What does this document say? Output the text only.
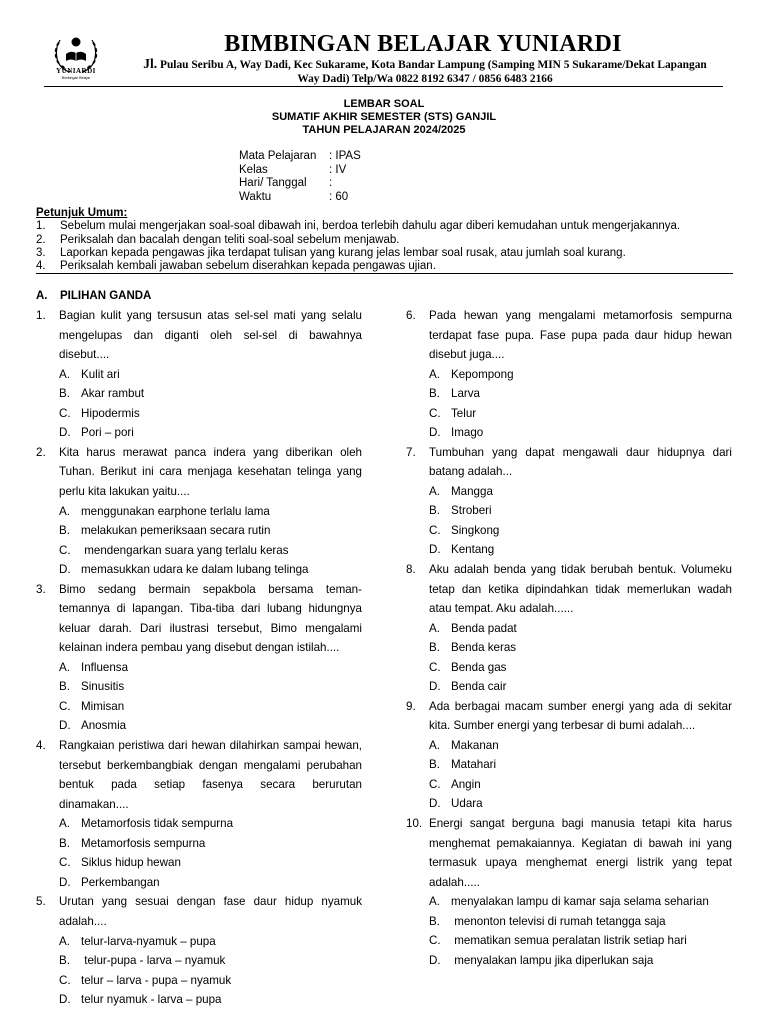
YUNIARDI
Bimbingan Belajar
BIMBINGAN BELAJAR YUNIARDI
Jl. Pulau Seribu A, Way Dadi, Kec Sukarame, Kota Bandar Lampung (Samping MIN 5 Sukarame/Dekat Lapangan Way Dadi) Telp/Wa 0822 8192 6347 / 0856 6483 2166
LEMBAR SOAL
SUMATIF AKHIR SEMESTER (STS) GANJIL
TAHUN PELAJARAN 2024/2025
Mata Pelajaran	: IPAS
Kelas	: IV
Hari/ Tanggal	:
Waktu	: 60
Petunjuk Umum:
1.	Sebelum mulai mengerjakan soal-soal dibawah ini, berdoa terlebih dahulu agar diberi kemudahan untuk mengerjakannya.
2.	Periksalah dan bacalah dengan teliti soal-soal sebelum menjawab.
3.	Laporkan kepada pengawas jika terdapat tulisan yang kurang jelas lembar soal rusak, atau jumlah soal kurang.
4.	Periksalah kembali jawaban sebelum diserahkan kepada pengawas ujian.
A. PILIHAN GANDA
1. Bagian kulit yang tersusun atas sel-sel mati yang selalu mengelupas dan diganti oleh sel-sel di bawahnya disebut....
A. Kulit ari
B. Akar rambut
C. Hipodermis
D. Pori – pori
2. Kita harus merawat panca indera yang diberikan oleh Tuhan. Berikut ini cara menjaga kesehatan telinga yang perlu kita lakukan yaitu....
A. menggunakan earphone terlalu lama
B. melakukan pemeriksaan secara rutin
C. mendengarkan suara yang terlalu keras
D. memasukkan udara ke dalam lubang telinga
3. Bimo sedang bermain sepakbola bersama teman-temannya di lapangan. Tiba-tiba dari lubang hidungnya keluar darah. Dari ilustrasi tersebut, Bimo mengalami kelainan indera pembau yang disebut dengan istilah....
A. Influensa
B. Sinusitis
C. Mimisan
D. Anosmia
4. Rangkaian peristiwa dari hewan dilahirkan sampai hewan, tersebut berkembangbiak dengan mengalami perubahan bentuk pada setiap fasenya secara berurutan dinamakan....
A. Metamorfosis tidak sempurna
B. Metamorfosis sempurna
C. Siklus hidup hewan
D. Perkembangan
5. Urutan yang sesuai dengan fase daur hidup nyamuk adalah....
A. telur-larva-nyamuk – pupa
B. telur-pupa - larva – nyamuk
C. telur – larva - pupa – nyamuk
D. telur nyamuk - larva – pupa
6. Pada hewan yang mengalami metamorfosis sempurna terdapat fase pupa. Fase pupa pada daur hidup hewan disebut juga....
A. Kepompong
B. Larva
C. Telur
D. Imago
7. Tumbuhan yang dapat mengawali daur hidupnya dari batang adalah...
A. Mangga
B. Stroberi
C. Singkong
D. Kentang
8. Aku adalah benda yang tidak berubah bentuk. Volumeku tetap dan ketika dipindahkan tidak memerlukan wadah atau tempat. Aku adalah......
A. Benda padat
B. Benda keras
C. Benda gas
D. Benda cair
9. Ada berbagai macam sumber energi yang ada di sekitar kita. Sumber energi yang terbesar di bumi adalah....
A. Makanan
B. Matahari
C. Angin
D. Udara
10. Energi sangat berguna bagi manusia tetapi kita harus menghemat pemakaiannya. Kegiatan di bawah ini yang termasuk upaya menghemat energi listrik yang tepat adalah.....
A. menyalakan lampu di kamar saja selama seharian
B. menonton televisi di rumah tetangga saja
C. mematikan semua peralatan listrik setiap hari
D. menyalakan lampu jika diperlukan saja
